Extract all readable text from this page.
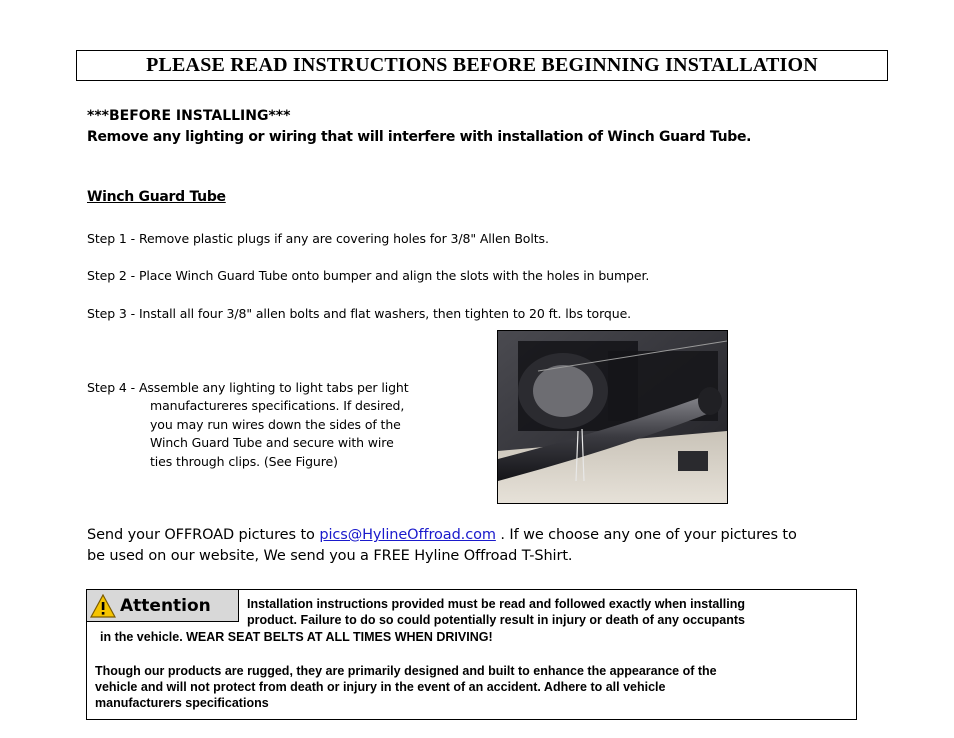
PLEASE READ INSTRUCTIONS BEFORE BEGINNING INSTALLATION
***BEFORE INSTALLING***
Remove any lighting or wiring that will interfere with installation of Winch Guard Tube.
Winch Guard Tube
Step 1 - Remove plastic plugs if any are covering holes for 3/8" Allen Bolts.
Step 2 - Place Winch Guard Tube onto bumper and align the slots with the holes in bumper.
Step 3 - Install all four 3/8" allen bolts and flat washers, then tighten to 20 ft. lbs torque.
Step 4 - Assemble any lighting to light tabs per light
manufactureres specifications. If desired,
you may run wires down the sides of the
Winch Guard Tube and secure with wire
ties through clips. (See Figure)
Send your OFFROAD pictures to pics@HylineOffroad.com . If we choose any one of your pictures to
be used on our website, We send you a FREE Hyline Offroad T-Shirt.
Attention	Installation instructions provided must be read and followed exactly when installing
product. Failure to do so could potentially result in injury or death of any occupants
in the vehicle. WEAR SEAT BELTS AT ALL TIMES WHEN DRIVING!
Though our products are rugged, they are primarily designed and built to enhance the appearance of the
vehicle and will not protect from death or injury in the event of an accident. Adhere to all vehicle
manufacturers specifications
